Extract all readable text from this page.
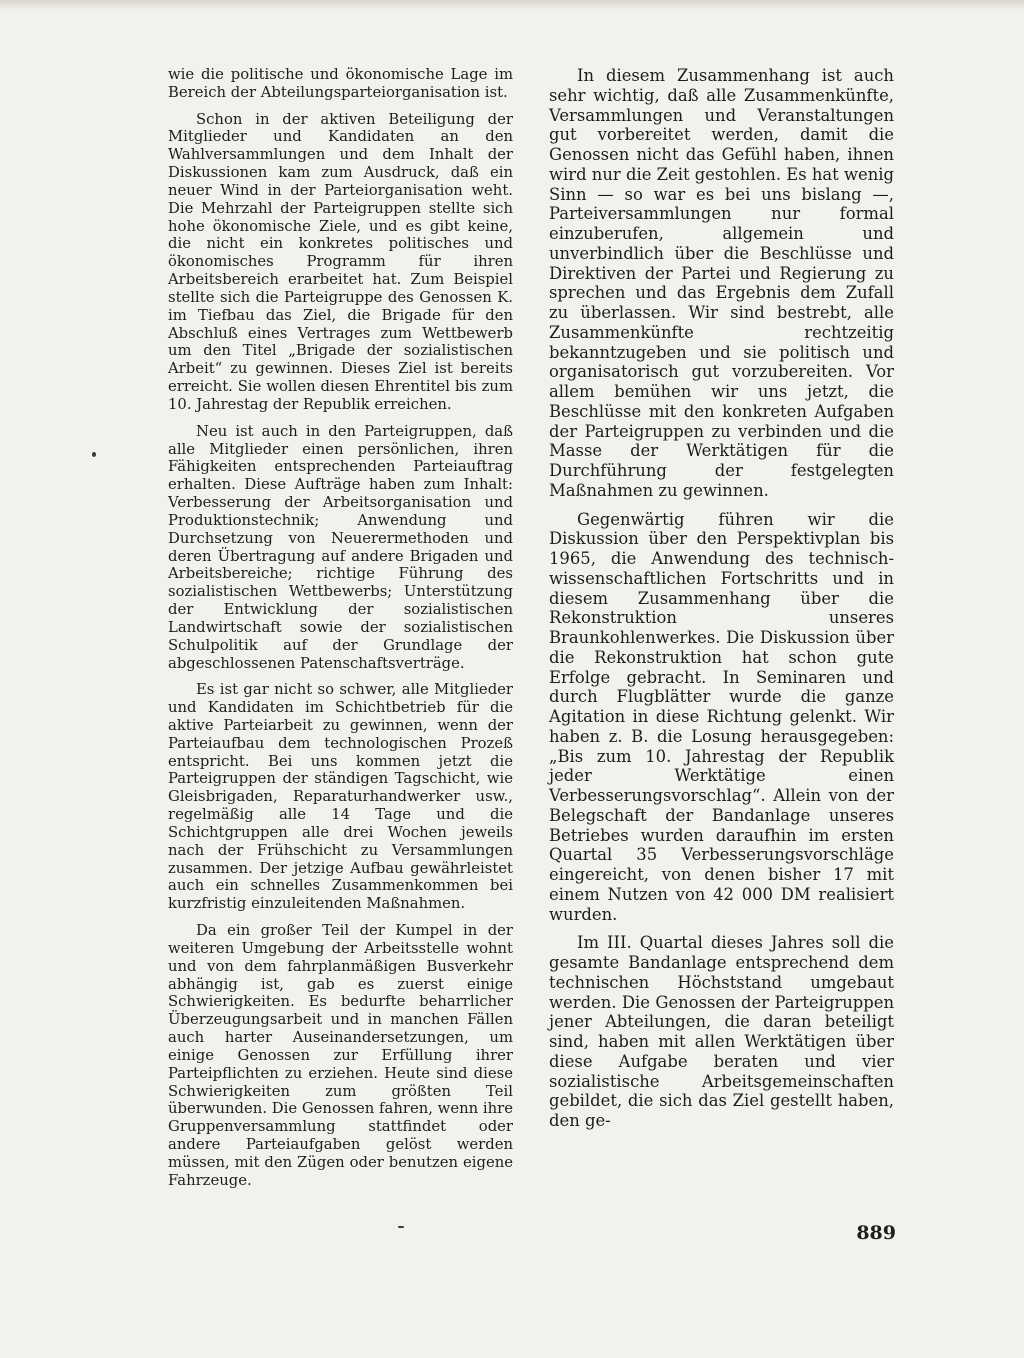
wie die politische und ökonomische Lage im Bereich der Abteilungsparteiorganisation ist.

Schon in der aktiven Beteiligung der Mitglieder und Kandidaten an den Wahlversammlungen und dem Inhalt der Diskussionen kam zum Ausdruck, daß ein neuer Wind in der Parteiorganisation weht. Die Mehrzahl der Parteigruppen stellte sich hohe ökonomische Ziele, und es gibt keine, die nicht ein konkretes politisches und ökonomisches Programm für ihren Arbeitsbereich erarbeitet hat. Zum Beispiel stellte sich die Parteigruppe des Genossen K. im Tiefbau das Ziel, die Brigade für den Abschluß eines Vertrages zum Wettbewerb um den Titel „Brigade der sozialistischen Arbeit“ zu gewinnen. Dieses Ziel ist bereits erreicht. Sie wollen diesen Ehrentitel bis zum 10. Jahrestag der Republik erreichen.

Neu ist auch in den Parteigruppen, daß alle Mitglieder einen persönlichen, ihren Fähigkeiten entsprechenden Parteiauftrag erhalten. Diese Aufträge haben zum Inhalt: Verbesserung der Arbeitsorganisation und Produktionstechnik; Anwendung und Durchsetzung von Neuerermethoden und deren Übertragung auf andere Brigaden und Arbeitsbereiche; richtige Führung des sozialistischen Wettbewerbs; Unterstützung der Entwicklung der sozialistischen Landwirtschaft sowie der sozialistischen Schulpolitik auf der Grundlage der abgeschlossenen Patenschaftsverträge.

Es ist gar nicht so schwer, alle Mitglieder und Kandidaten im Schichtbetrieb für die aktive Parteiarbeit zu gewinnen, wenn der Parteiaufbau dem technologischen Prozeß entspricht. Bei uns kommen jetzt die Parteigruppen der ständigen Tagschicht, wie Gleisbrigaden, Reparaturhandwerker usw., regelmäßig alle 14 Tage und die Schichtgruppen alle drei Wochen jeweils nach der Frühschicht zu Versammlungen zusammen. Der jetzige Aufbau gewährleistet auch ein schnelles Zusammenkommen bei kurzfristig einzuleitenden Maßnahmen.

Da ein großer Teil der Kumpel in der weiteren Umgebung der Arbeitsstelle wohnt und von dem fahrplanmäßigen Busverkehr abhängig ist, gab es zuerst einige Schwierigkeiten. Es bedurfte beharrlicher Überzeugungsarbeit und in manchen Fällen auch harter Auseinandersetzungen, um einige Genossen zur Erfüllung ihrer Parteipflichten zu erziehen. Heute sind diese Schwierigkeiten zum größten Teil überwunden. Die Genossen fahren, wenn ihre Gruppenversammlung stattfindet oder andere Parteiaufgaben gelöst werden müssen, mit den Zügen oder benutzen eigene Fahrzeuge.

In diesem Zusammenhang ist auch sehr wichtig, daß alle Zusammenkünfte, Versammlungen und Veranstaltungen gut vorbereitet werden, damit die Genossen nicht das Gefühl haben, ihnen wird nur die Zeit gestohlen. Es hat wenig Sinn — so war es bei uns bislang —, Parteiversammlungen nur formal einzuberufen, allgemein und unverbindlich über die Beschlüsse und Direktiven der Partei und Regierung zu sprechen und das Ergebnis dem Zufall zu überlassen. Wir sind bestrebt, alle Zusammenkünfte rechtzeitig bekanntzugeben und sie politisch und organisatorisch gut vorzubereiten. Vor allem bemühen wir uns jetzt, die Beschlüsse mit den konkreten Aufgaben der Parteigruppen zu verbinden und die Masse der Werktätigen für die Durchführung der festgelegten Maßnahmen zu gewinnen.

Gegenwärtig führen wir die Diskussion über den Perspektivplan bis 1965, die Anwendung des technisch-wissenschaftlichen Fortschritts und in diesem Zusammenhang über die Rekonstruktion unseres Braunkohlenwerkes. Die Diskussion über die Rekonstruktion hat schon gute Erfolge gebracht. In Seminaren und durch Flugblätter wurde die ganze Agitation in diese Richtung gelenkt. Wir haben z. B. die Losung herausgegeben: „Bis zum 10. Jahrestag der Republik jeder Werktätige einen Verbesserungsvorschlag“. Allein von der Belegschaft der Bandanlage unseres Betriebes wurden daraufhin im ersten Quartal 35 Verbesserungsvorschläge eingereicht, von denen bisher 17 mit einem Nutzen von 42 000 DM realisiert wurden.

Im III. Quartal dieses Jahres soll die gesamte Bandanlage entsprechend dem technischen Höchststand umgebaut werden. Die Genossen der Parteigruppen jener Abteilungen, die daran beteiligt sind, haben mit allen Werktätigen über diese Aufgabe beraten und vier sozialistische Arbeitsgemeinschaften gebildet, die sich das Ziel gestellt haben, den ge-

889
